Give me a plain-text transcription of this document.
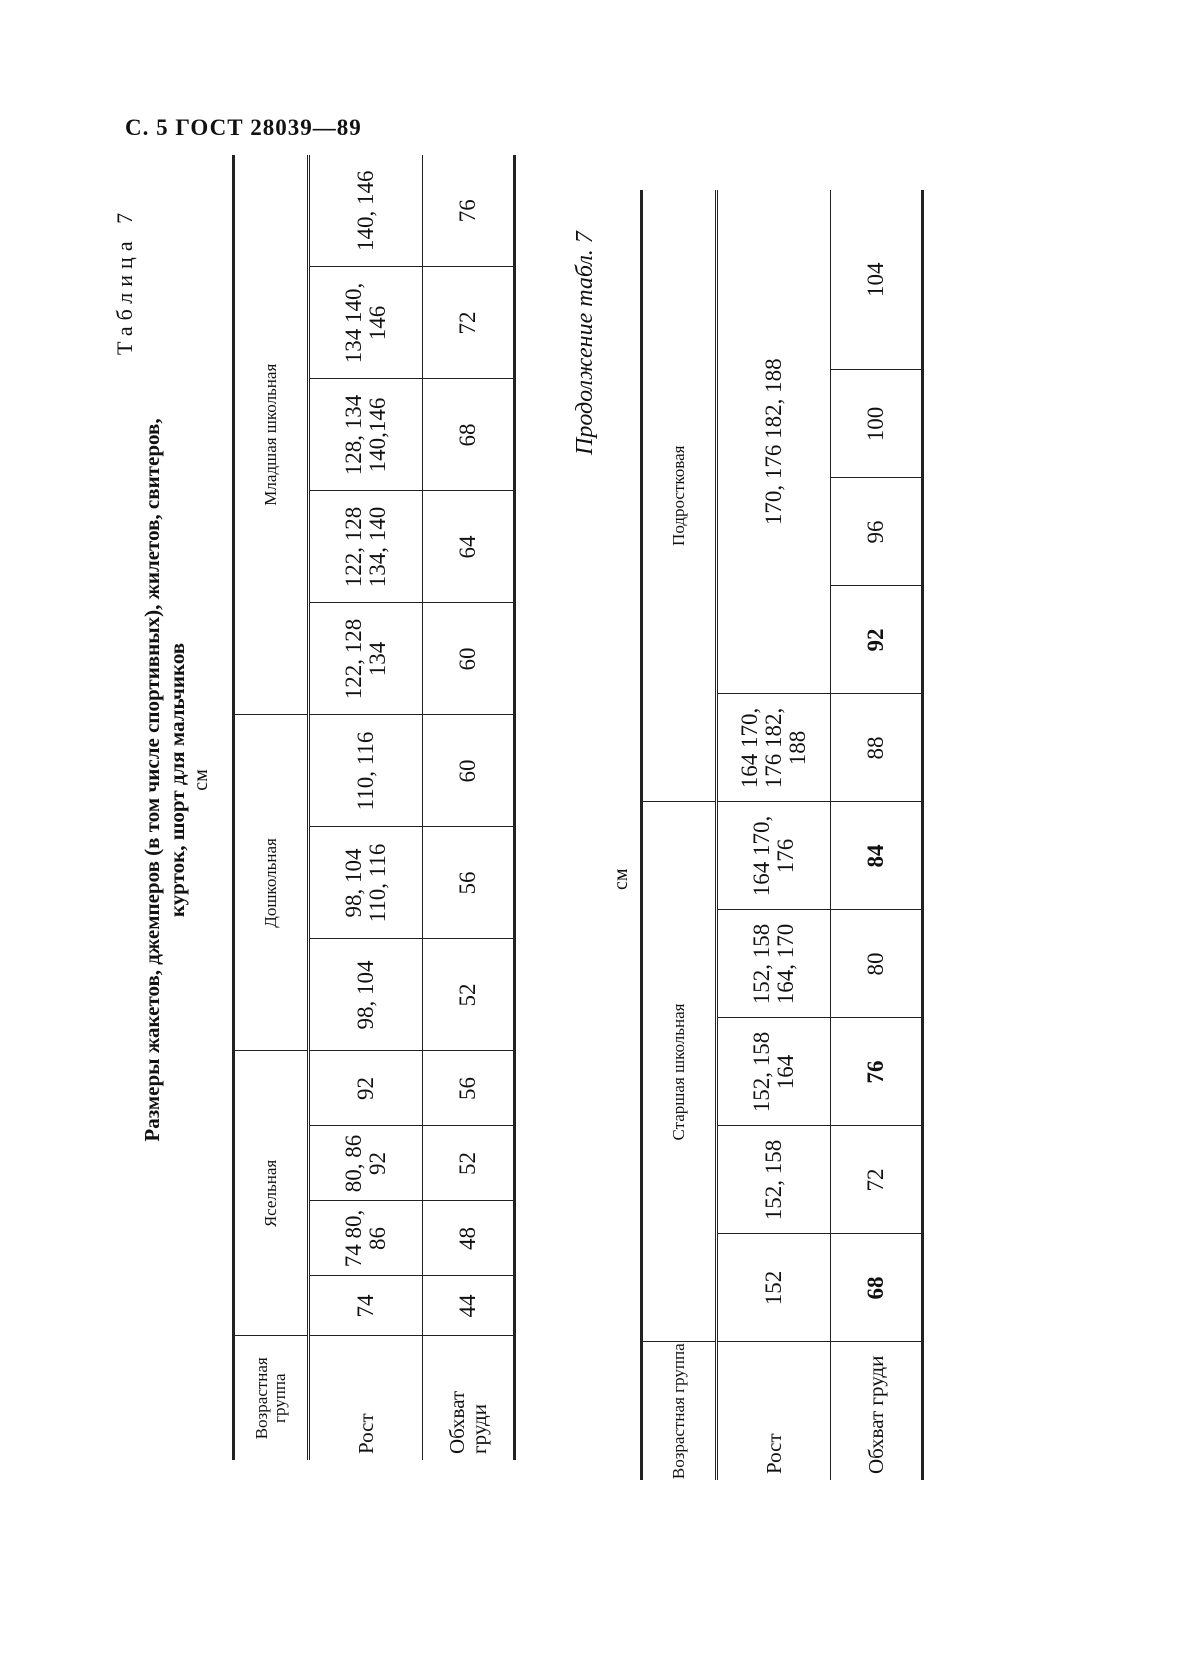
С. 5 ГОСТ 28039—89
Размеры жакетов, джемперов (в том числе спортивных), жилетов, свитеров, курток, шорт для мальчиков см
Таблица 7
Возрастная группа	Ясельная				Дошкольная			Младшая школьная				
Рост	74	74 80, 86	80, 86 92	92	98, 104	98, 104 110, 116	110, 116	122, 128 134	122, 128 134, 140	128, 134 140,146	134 140, 146	140, 146
Обхват груди	44	48	52	56	52	56	60	60	64	68	72	76
Продолжение табл. 7
см
Возрастная группа	Старшая школьная					Подростковая				
Рост	152	152, 158	152, 158 164	152, 158 164, 170	164 170, 176	164 170, 176 182, 188	170, 176 182, 188			
Обхват груди	68	72	76	80	84	88	92	96	100	104
